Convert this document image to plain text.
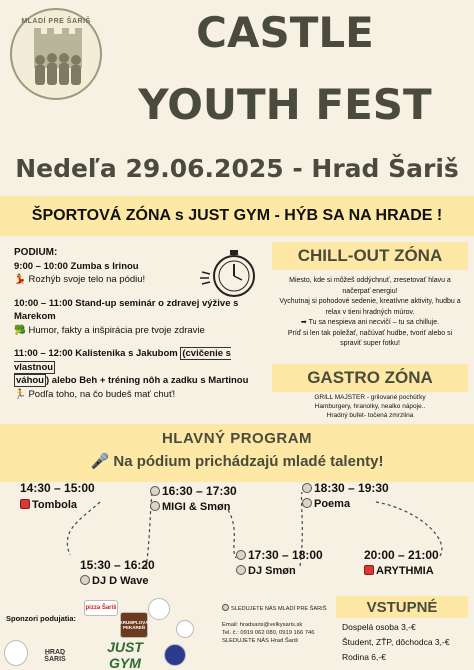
MLADÍ PRE ŠARIŠ	CASTLE
YOUTH FEST
Nedeľa 29.06.2025 - Hrad Šariš
ŠPORTOVÁ ZÓNA s JUST GYM - HÝB SA NA HRADE !
PODIUM:
9:00 – 10:00 Zumba s Irinou
💃 Rozhýb svoje telo na pódiu!
10:00 – 11:00 Stand-up seminár o zdravej výžive s Marekom
🥦 Humor, fakty a inšpirácia pre tvoje zdravie
11:00 – 12:00 Kalistenika s Jakubom (cvičenie s vlastnou
váhou ) alebo Beh + tréning nôh a zadku s Martinou
🏃 Podľa toho, na čo budeš mať chuť!
CHILL-OUT ZÓNA
Miesto, kde si môžeš oddýchnuť, zresetovať hlavu a
načerpať energiu!
Vychutnaj si pohodové sedenie, kreatívne aktivity, hudbu a
relax v tieni hradných múrov.
➡ Tu sa nespieva ani necvičí – tu sa chilluje.
Príď si len tak poležať, načúvať hudbe, tvoriť alebo si
spraviť super fotku!
GASTRO ZÓNA
GRILL MAJSTER - grilované pochúťky
Hamburgery, hranolky, nealko nápoje..
Hradný bufet- točená zmrzlina
HLAVNÝ PROGRAM
🎤 Na pódium prichádzajú mladé talenty!
14:30 – 15:00
Tombola
16:30 – 17:30
MIGI & Smøn
18:30 – 19:30
Poema
15:30 – 16:20
DJ D Wave
17:30 – 18:00
DJ Smøn
20:00 – 21:00
ARYTHMIA
Sponzori podujatia:
pizza Šariš
KRUMPLOVÁ PEKÁREŇ
HRAD ŠARIŠ
JUST GYM
SLEDUJETE NÁS MLADÍ PRE ŠARIŠ
Email: hradsaris@velkysaris.sk
Tel. č.: 0919 062 080, 0919 166 746
SLEDUJETE NÁS Hrad Šariš
VSTUPNÉ
Dospelá osoba 3,-€
Študent, ZŤP, dôchodca 3,-€
Rodina 6,-€
